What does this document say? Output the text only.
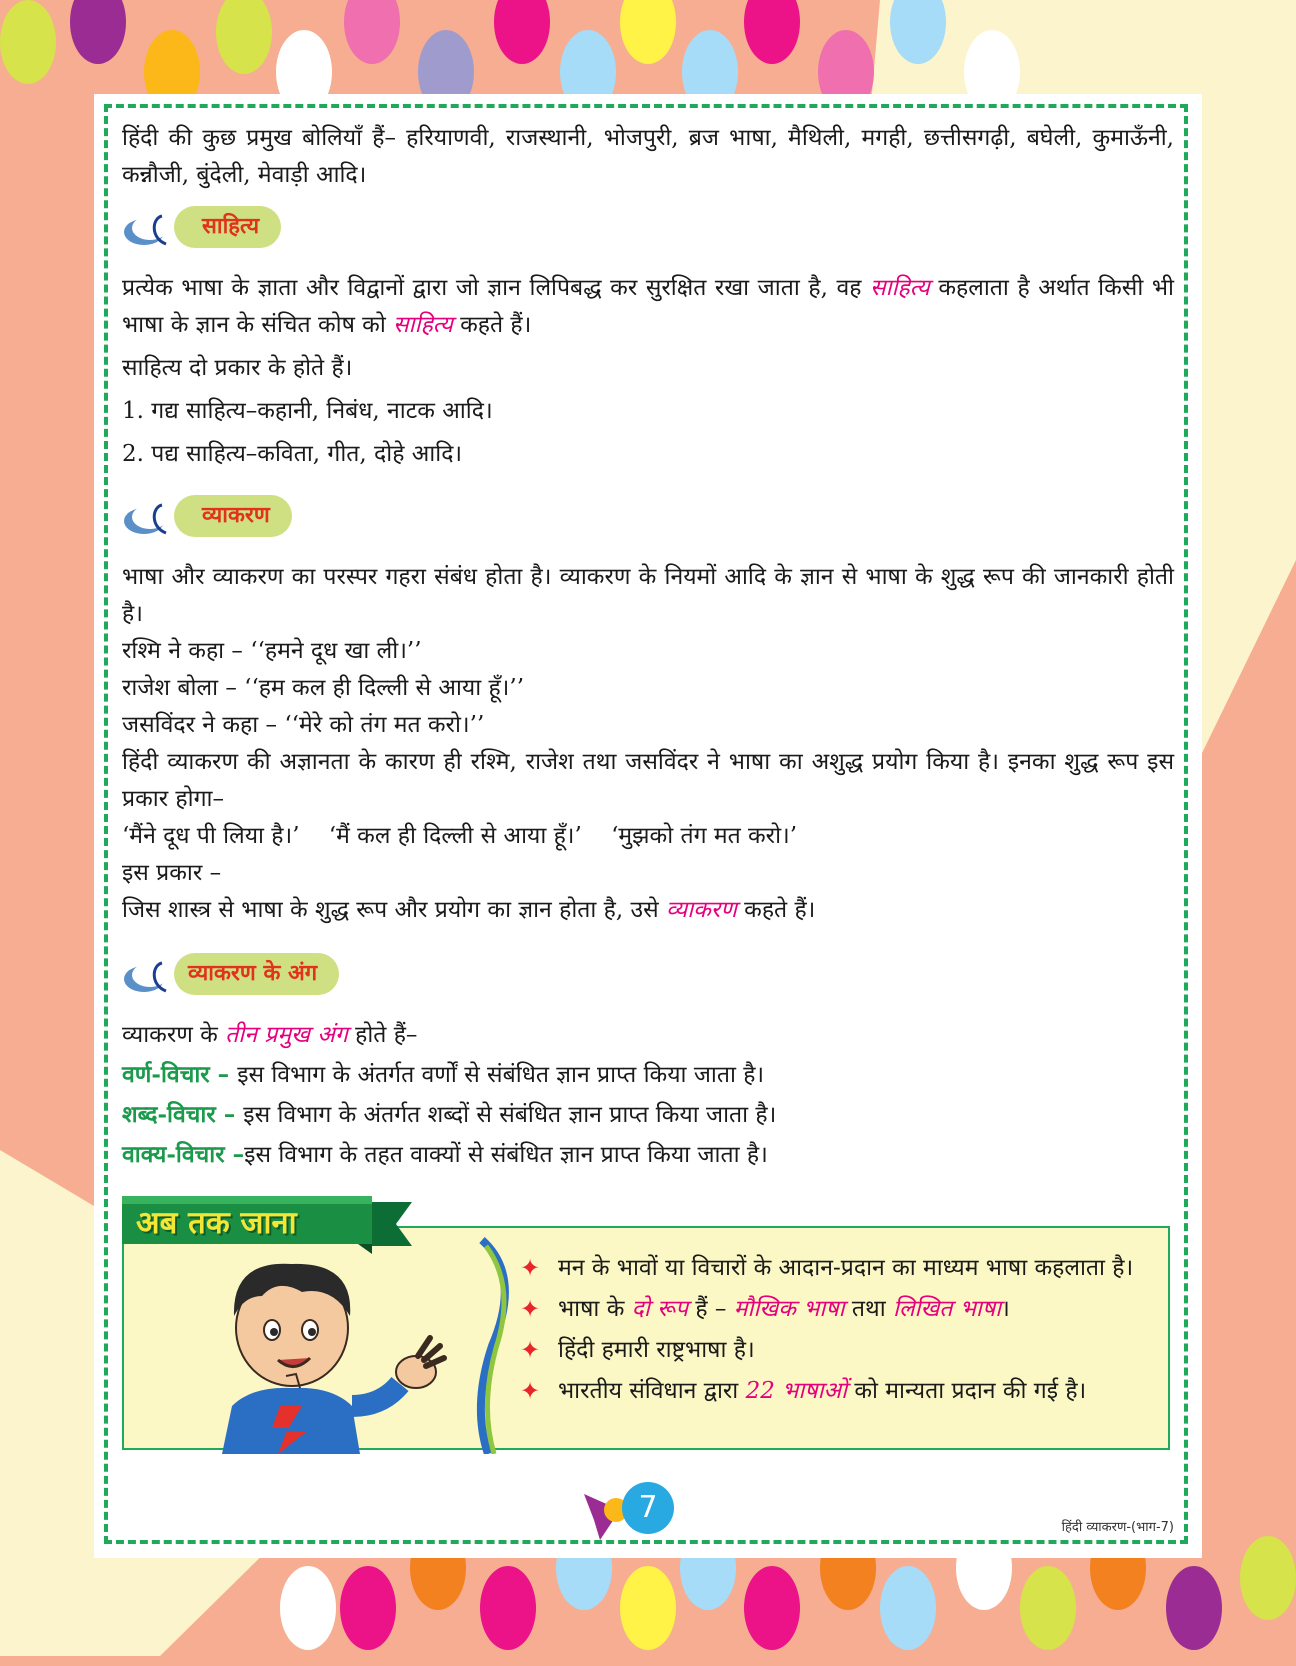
हिंदी की कुछ प्रमुख बोलियाँ हैं– हरियाणवी, राजस्थानी, भोजपुरी, ब्रज भाषा, मैथिली, मगही, छत्तीसगढ़ी, बघेली, कुमाऊँनी, कन्नौजी, बुंदेली, मेवाड़ी आदि।

साहित्य

प्रत्येक भाषा के ज्ञाता और विद्वानों द्वारा जो ज्ञान लिपिबद्ध कर सुरक्षित रखा जाता है, वह साहित्य कहलाता है अर्थात किसी भी भाषा के ज्ञान के संचित कोष को साहित्य कहते हैं।

साहित्य दो प्रकार के होते हैं।

1. गद्य साहित्य–कहानी, निबंध, नाटक आदि।

2. पद्य साहित्य–कविता, गीत, दोहे आदि।

व्याकरण

भाषा और व्याकरण का परस्पर गहरा संबंध होता है। व्याकरण के नियमों आदि के ज्ञान से भाषा के शुद्ध रूप की जानकारी होती है।

रश्मि ने कहा – ‘‘हमने दूध खा ली।’’

राजेश बोला – ‘‘हम कल ही दिल्ली से आया हूँ।’’

जसविंदर ने कहा – ‘‘मेरे को तंग मत करो।’’

हिंदी व्याकरण की अज्ञानता के कारण ही रश्मि, राजेश तथा जसविंदर ने भाषा का अशुद्ध प्रयोग किया है। इनका शुद्ध रूप इस प्रकार होगा–

‘मैंने दूध पी लिया है।’    ‘मैं कल ही दिल्ली से आया हूँ।’    ‘मुझको तंग मत करो।’

इस प्रकार –

जिस शास्त्र से भाषा के शुद्ध रूप और प्रयोग का ज्ञान होता है, उसे व्याकरण कहते हैं।

व्याकरण के अंग

व्याकरण के तीन प्रमुख अंग होते हैं–

वर्ण-विचार – इस विभाग के अंतर्गत वर्णों से संबंधित ज्ञान प्राप्त किया जाता है।

शब्द-विचार – इस विभाग के अंतर्गत शब्दों से संबंधित ज्ञान प्राप्त किया जाता है।

वाक्य-विचार –इस विभाग के तहत वाक्यों से संबंधित ज्ञान प्राप्त किया जाता है।

अब तक जाना
✦ मन के भावों या विचारों के आदान-प्रदान का माध्यम भाषा कहलाता है।
✦ भाषा के दो रूप हैं – मौखिक भाषा तथा लिखित भाषा।
✦ हिंदी हमारी राष्ट्रभाषा है।
✦ भारतीय संविधान द्वारा 22 भाषाओं को मान्यता प्रदान की गई है।
7
हिंदी व्याकरण-(भाग-7)
